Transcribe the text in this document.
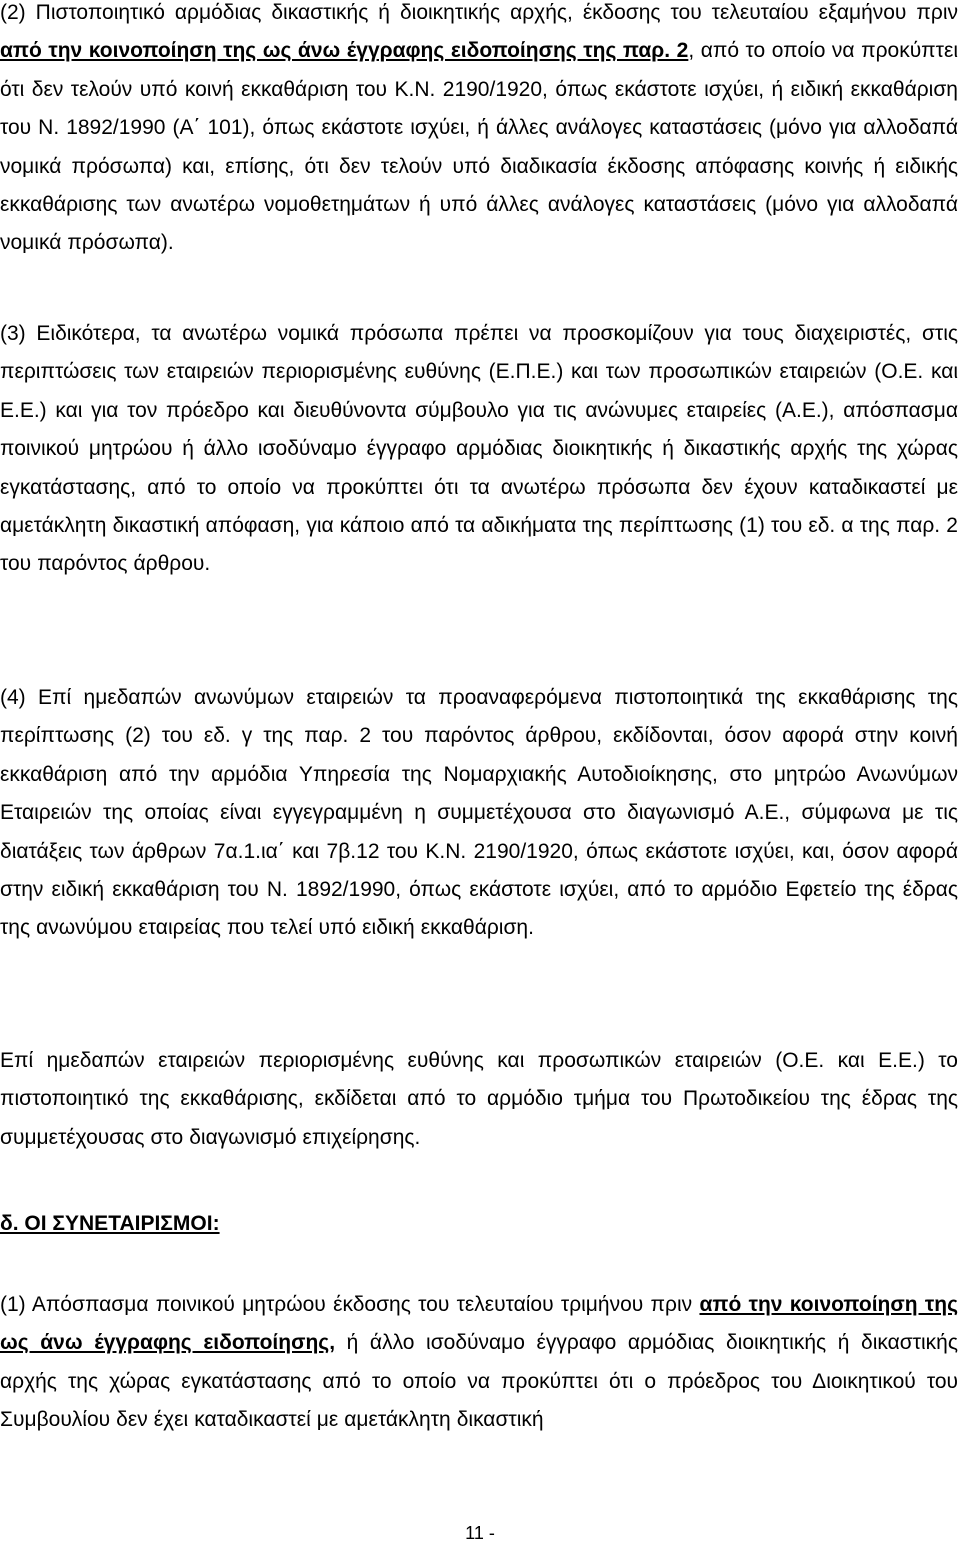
(2) Πιστοποιητικό αρμόδιας δικαστικής ή διοικητικής αρχής, έκδοσης του τελευταίου εξαμήνου πριν από την κοινοποίηση της ως άνω έγγραφης ειδοποίησης της παρ. 2, από το οποίο να προκύπτει ότι δεν τελούν υπό κοινή εκκαθάριση του Κ.Ν. 2190/1920, όπως εκάστοτε ισχύει, ή ειδική εκκαθάριση του Ν. 1892/1990 (Α΄ 101), όπως εκάστοτε ισχύει, ή άλλες ανάλογες καταστάσεις (μόνο για αλλοδαπά νομικά πρόσωπα) και, επίσης, ότι δεν τελούν υπό διαδικασία έκδοσης απόφασης κοινής ή ειδικής εκκαθάρισης των ανωτέρω νομοθετημάτων ή υπό άλλες ανάλογες καταστάσεις (μόνο για αλλοδαπά νομικά πρόσωπα).

(3) Ειδικότερα, τα ανωτέρω νομικά πρόσωπα πρέπει να προσκομίζουν για τους διαχειριστές, στις περιπτώσεις των εταιρειών περιορισμένης ευθύνης (Ε.Π.Ε.) και των προσωπικών εταιρειών (Ο.Ε. και Ε.Ε.) και για τον πρόεδρο και διευθύνοντα σύμβουλο για τις ανώνυμες εταιρείες (Α.Ε.), απόσπασμα ποινικού μητρώου ή άλλο ισοδύναμο έγγραφο αρμόδιας διοικητικής ή δικαστικής αρχής της χώρας εγκατάστασης, από το οποίο να προκύπτει ότι τα ανωτέρω πρόσωπα δεν έχουν καταδικαστεί με αμετάκλητη δικαστική απόφαση, για κάποιο από τα αδικήματα της περίπτωσης (1) του εδ. α της παρ. 2 του παρόντος άρθρου.

(4) Επί ημεδαπών ανωνύμων εταιρειών τα προαναφερόμενα πιστοποιητικά της εκκαθάρισης της περίπτωσης (2) του εδ. γ της παρ. 2 του παρόντος άρθρου, εκδίδονται, όσον αφορά στην κοινή εκκαθάριση από την αρμόδια Υπηρεσία της Νομαρχιακής Αυτοδιοίκησης, στο μητρώο Ανωνύμων Εταιρειών της οποίας είναι εγγεγραμμένη η συμμετέχουσα στο διαγωνισμό Α.Ε., σύμφωνα με τις διατάξεις των άρθρων 7α.1.ια΄ και 7β.12 του Κ.Ν. 2190/1920, όπως εκάστοτε ισχύει, και, όσον αφορά στην ειδική εκκαθάριση του Ν. 1892/1990, όπως εκάστοτε ισχύει, από το αρμόδιο Εφετείο της έδρας της ανωνύμου εταιρείας που τελεί υπό ειδική εκκαθάριση.

Επί ημεδαπών εταιρειών περιορισμένης ευθύνης και προσωπικών εταιρειών (Ο.Ε. και Ε.Ε.) το πιστοποιητικό της εκκαθάρισης, εκδίδεται από το αρμόδιο τμήμα του Πρωτοδικείου της έδρας της συμμετέχουσας στο διαγωνισμό επιχείρησης.

δ. ΟΙ ΣΥΝΕΤΑΙΡΙΣΜΟΙ:

(1) Απόσπασμα ποινικού μητρώου έκδοσης του τελευταίου τριμήνου πριν από την κοινοποίηση της ως άνω έγγραφης ειδοποίησης, ή άλλο ισοδύναμο έγγραφο αρμόδιας διοικητικής ή δικαστικής αρχής της χώρας εγκατάστασης από το οποίο να προκύπτει ότι ο πρόεδρος του Διοικητικού του Συμβουλίου δεν έχει καταδικαστεί με αμετάκλητη δικαστική

11 -
